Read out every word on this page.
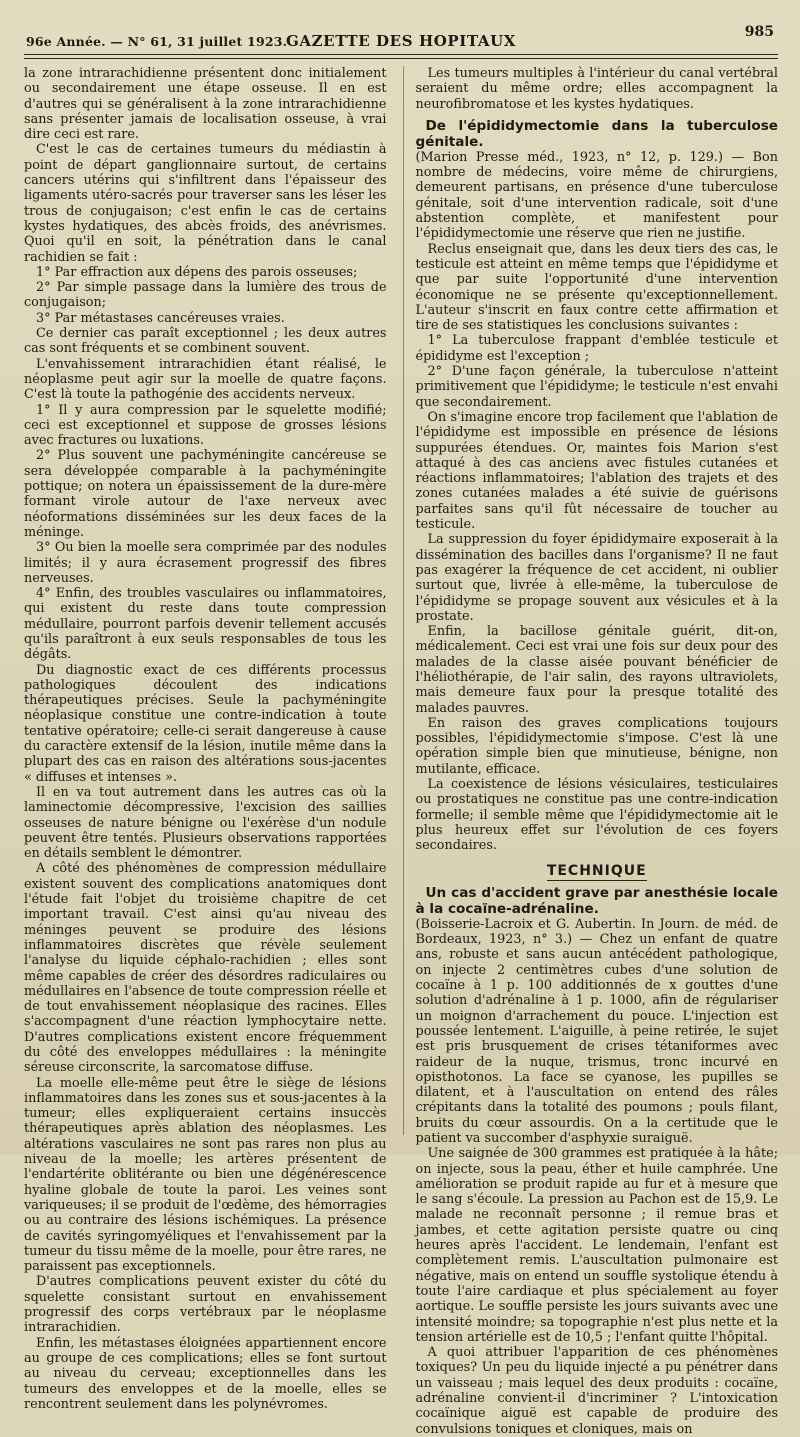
96e Année. — N° 61, 31 juillet 1923.
GAZETTE DES HOPITAUX	985

la zone intrarachidienne présentent donc initialement ou secondairement une étape osseuse. Il en est d'autres qui se généralisent à la zone intrarachidienne sans présenter jamais de localisation osseuse, à vrai dire ceci est rare.

C'est le cas de certaines tumeurs du médiastin à point de départ ganglionnaire surtout, de certains cancers utérins qui s'infiltrent dans l'épaisseur des ligaments utéro-sacrés pour traverser sans les léser les trous de conjugaison; c'est enfin le cas de certains kystes hydatiques, des abcès froids, des anévrismes. Quoi qu'il en soit, la pénétration dans le canal rachidien se fait :

1° Par effraction aux dépens des parois osseuses;

2° Par simple passage dans la lumière des trous de conjugaison;

3° Par métastases cancéreuses vraies.

Ce dernier cas paraît exceptionnel ; les deux autres cas sont fréquents et se combinent souvent.

L'envahissement intrarachidien étant réalisé, le néoplasme peut agir sur la moelle de quatre façons. C'est là toute la pathogénie des accidents nerveux.

1° Il y aura compression par le squelette modifié; ceci est exceptionnel et suppose de grosses lésions avec fractures ou luxations.

2° Plus souvent une pachyméningite cancéreuse se sera développée comparable à la pachyméningite pottique; on notera un épaississement de la dure-mère formant virole autour de l'axe nerveux avec néoformations disséminées sur les deux faces de la méninge.

3° Ou bien la moelle sera comprimée par des nodules limités; il y aura écrasement progressif des fibres nerveuses.

4° Enfin, des troubles vasculaires ou inflammatoires, qui existent du reste dans toute compression médullaire, pourront parfois devenir tellement accusés qu'ils paraîtront à eux seuls responsables de tous les dégâts.

Du diagnostic exact de ces différents processus pathologiques découlent des indications thérapeutiques précises. Seule la pachyméningite néoplasique constitue une contre-indication à toute tentative opératoire; celle-ci serait dangereuse à cause du caractère extensif de la lésion, inutile même dans la plupart des cas en raison des altérations sous-jacentes « diffuses et intenses ».

Il en va tout autrement dans les autres cas où la laminectomie décompressive, l'excision des saillies osseuses de nature bénigne ou l'exérèse d'un nodule peuvent être tentés. Plusieurs observations rapportées en détails semblent le démontrer.

A côté des phénomènes de compression médullaire existent souvent des complications anatomiques dont l'étude fait l'objet du troisième chapitre de cet important travail. C'est ainsi qu'au niveau des méninges peuvent se produire des lésions inflammatoires discrètes que révèle seulement l'analyse du liquide céphalo-rachidien ; elles sont même capables de créer des désordres radiculaires ou médullaires en l'absence de toute compression réelle et de tout envahissement néoplasique des racines. Elles s'accompagnent d'une réaction lymphocytaire nette. D'autres complications existent encore fréquemment du côté des enveloppes médullaires : la méningite séreuse circonscrite, la sarcomatose diffuse.

La moelle elle-même peut être le siège de lésions inflammatoires dans les zones sus et sous-jacentes à la tumeur; elles expliqueraient certains insuccès thérapeutiques après ablation des néoplasmes. Les altérations vasculaires ne sont pas rares non plus au niveau de la moelle; les artères présentent de l'endartérite oblitérante ou bien une dégénérescence hyaline globale de toute la paroi. Les veines sont variqueuses; il se produit de l'œdème, des hémorragies ou au contraire des lésions ischémiques. La présence de cavités syringomyéliques et l'envahissement par la tumeur du tissu même de la moelle, pour être rares, ne paraissent pas exceptionnels.

D'autres complications peuvent exister du côté du squelette consistant surtout en envahissement progressif des corps vertébraux par le néoplasme intrarachidien.

Enfin, les métastases éloignées appartiennent encore au groupe de ces complications; elles se font surtout au niveau du cerveau; exceptionnelles dans les tumeurs des enveloppes et de la moelle, elles se rencontrent seulement dans les polynévromes.

Les tumeurs multiples à l'intérieur du canal vertébral seraient du même ordre; elles accompagnent la neurofibromatose et les kystes hydatiques.

De l'épididymectomie dans la tuberculose génitale.

(Marion Presse méd., 1923, n° 12, p. 129.) — Bon nombre de médecins, voire même de chirurgiens, demeurent partisans, en présence d'une tuberculose génitale, soit d'une intervention radicale, soit d'une abstention complète, et manifestent pour l'épididymectomie une réserve que rien ne justifie.

Reclus enseignait que, dans les deux tiers des cas, le testicule est atteint en même temps que l'épididyme et que par suite l'opportunité d'une intervention économique ne se présente qu'exceptionnellement. L'auteur s'inscrit en faux contre cette affirmation et tire de ses statistiques les conclusions suivantes :

1° La tuberculose frappant d'emblée testicule et épididyme est l'exception ;

2° D'une façon générale, la tuberculose n'atteint primitivement que l'épididyme; le testicule n'est envahi que secondairement.

On s'imagine encore trop facilement que l'ablation de l'épididyme est impossible en présence de lésions suppurées étendues. Or, maintes fois Marion s'est attaqué à des cas anciens avec fistules cutanées et réactions inflammatoires; l'ablation des trajets et des zones cutanées malades a été suivie de guérisons parfaites sans qu'il fût nécessaire de toucher au testicule.

La suppression du foyer épididymaire exposerait à la dissémination des bacilles dans l'organisme? Il ne faut pas exagérer la fréquence de cet accident, ni oublier surtout que, livrée à elle-même, la tuberculose de l'épididyme se propage souvent aux vésicules et à la prostate.

Enfin, la bacillose génitale guérit, dit-on, médicalement. Ceci est vrai une fois sur deux pour des malades de la classe aisée pouvant bénéficier de l'héliothérapie, de l'air salin, des rayons ultraviolets, mais demeure faux pour la presque totalité des malades pauvres.

En raison des graves complications toujours possibles, l'épididymectomie s'impose. C'est là une opération simple bien que minutieuse, bénigne, non mutilante, efficace.

La coexistence de lésions vésiculaires, testiculaires ou prostatiques ne constitue pas une contre-indication formelle; il semble même que l'épididymectomie ait le plus heureux effet sur l'évolution de ces foyers secondaires.

TECHNIQUE
Un cas d'accident grave par anesthésie locale à la cocaïne-adrénaline.

(Boisserie-Lacroix et G. Aubertin. In Journ. de méd. de Bordeaux, 1923, n° 3.) — Chez un enfant de quatre ans, robuste et sans aucun antécédent pathologique, on injecte 2 centimètres cubes d'une solution de cocaïne à 1 p. 100 additionnés de x gouttes d'une solution d'adrénaline à 1 p. 1000, afin de régulariser un moignon d'arrachement du pouce. L'injection est poussée lentement. L'aiguille, à peine retirée, le sujet est pris brusquement de crises tétaniformes avec raideur de la nuque, trismus, tronc incurvé en opisthotonos. La face se cyanose, les pupilles se dilatent, et à l'auscultation on entend des râles crépitants dans la totalité des poumons ; pouls filant, bruits du cœur assourdis. On a la certitude que le patient va succomber d'asphyxie suraiguë.

Une saignée de 300 grammes est pratiquée à la hâte; on injecte, sous la peau, éther et huile camphrée. Une amélioration se produit rapide au fur et à mesure que le sang s'écoule. La pression au Pachon est de 15,9. Le malade ne reconnaît personne ; il remue bras et jambes, et cette agitation persiste quatre ou cinq heures après l'accident. Le lendemain, l'enfant est complètement remis. L'auscultation pulmonaire est négative, mais on entend un souffle systolique étendu à toute l'aire cardiaque et plus spécialement au foyer aortique. Le souffle persiste les jours suivants avec une intensité moindre; sa topographie n'est plus nette et la tension artérielle est de 10,5 ; l'enfant quitte l'hôpital.

A quoi attribuer l'apparition de ces phénomènes toxiques? Un peu du liquide injecté a pu pénétrer dans un vaisseau ; mais lequel des deux produits : cocaïne, adrénaline convient-il d'incriminer ? L'intoxication cocaïnique aiguë est capable de produire des convulsions toniques et cloniques, mais on
